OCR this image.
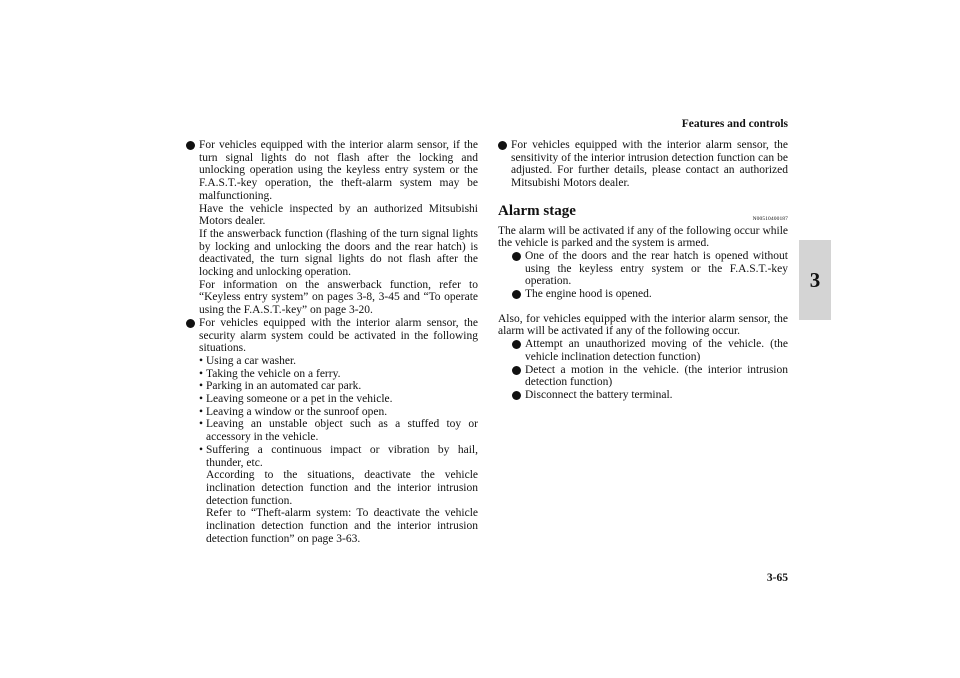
Features and controls
3

For vehicles equipped with the interior alarm sensor, if the turn signal lights do not flash after the locking and unlocking operation using the keyless entry system or the F.A.S.T.-key operation, the theft-alarm system may be malfunctioning.

Have the vehicle inspected by an authorized Mitsubishi Motors dealer.

If the answerback function (flashing of the turn signal lights by locking and unlocking the doors and the rear hatch) is deactivated, the turn signal lights do not flash after the locking and unlocking operation.

For information on the answerback function, refer to “Keyless entry system” on pages 3-8, 3-45 and “To operate using the F.A.S.T.-key” on page 3-20.

For vehicles equipped with the interior alarm sensor, the security alarm system could be activated in the following situations.

• Using a car washer.
• Taking the vehicle on a ferry.
• Parking in an automated car park.
• Leaving someone or a pet in the vehicle.
• Leaving a window or the sunroof open.
• Leaving an unstable object such as a stuffed toy or accessory in the vehicle.
• Suffering a continuous impact or vibration by hail, thunder, etc.

According to the situations, deactivate the vehicle inclination detection function and the interior intrusion detection function.

Refer to “Theft-alarm system: To deactivate the vehicle inclination detection function and the interior intrusion detection function” on page 3-63.

For vehicles equipped with the interior alarm sensor, the sensitivity of the interior intrusion detection function can be adjusted. For further details, please contact an authorized Mitsubishi Motors dealer.

Alarm stage	N00510400187

The alarm will be activated if any of the following occur while the vehicle is parked and the system is armed.

One of the doors and the rear hatch is opened without using the keyless entry system or the F.A.S.T.-key operation.

The engine hood is opened.

Also, for vehicles equipped with the interior alarm sensor, the alarm will be activated if any of the following occur.

Attempt an unauthorized moving of the vehicle. (the vehicle inclination detection function)

Detect a motion in the vehicle. (the interior intrusion detection function)

Disconnect the battery terminal.

3-65
